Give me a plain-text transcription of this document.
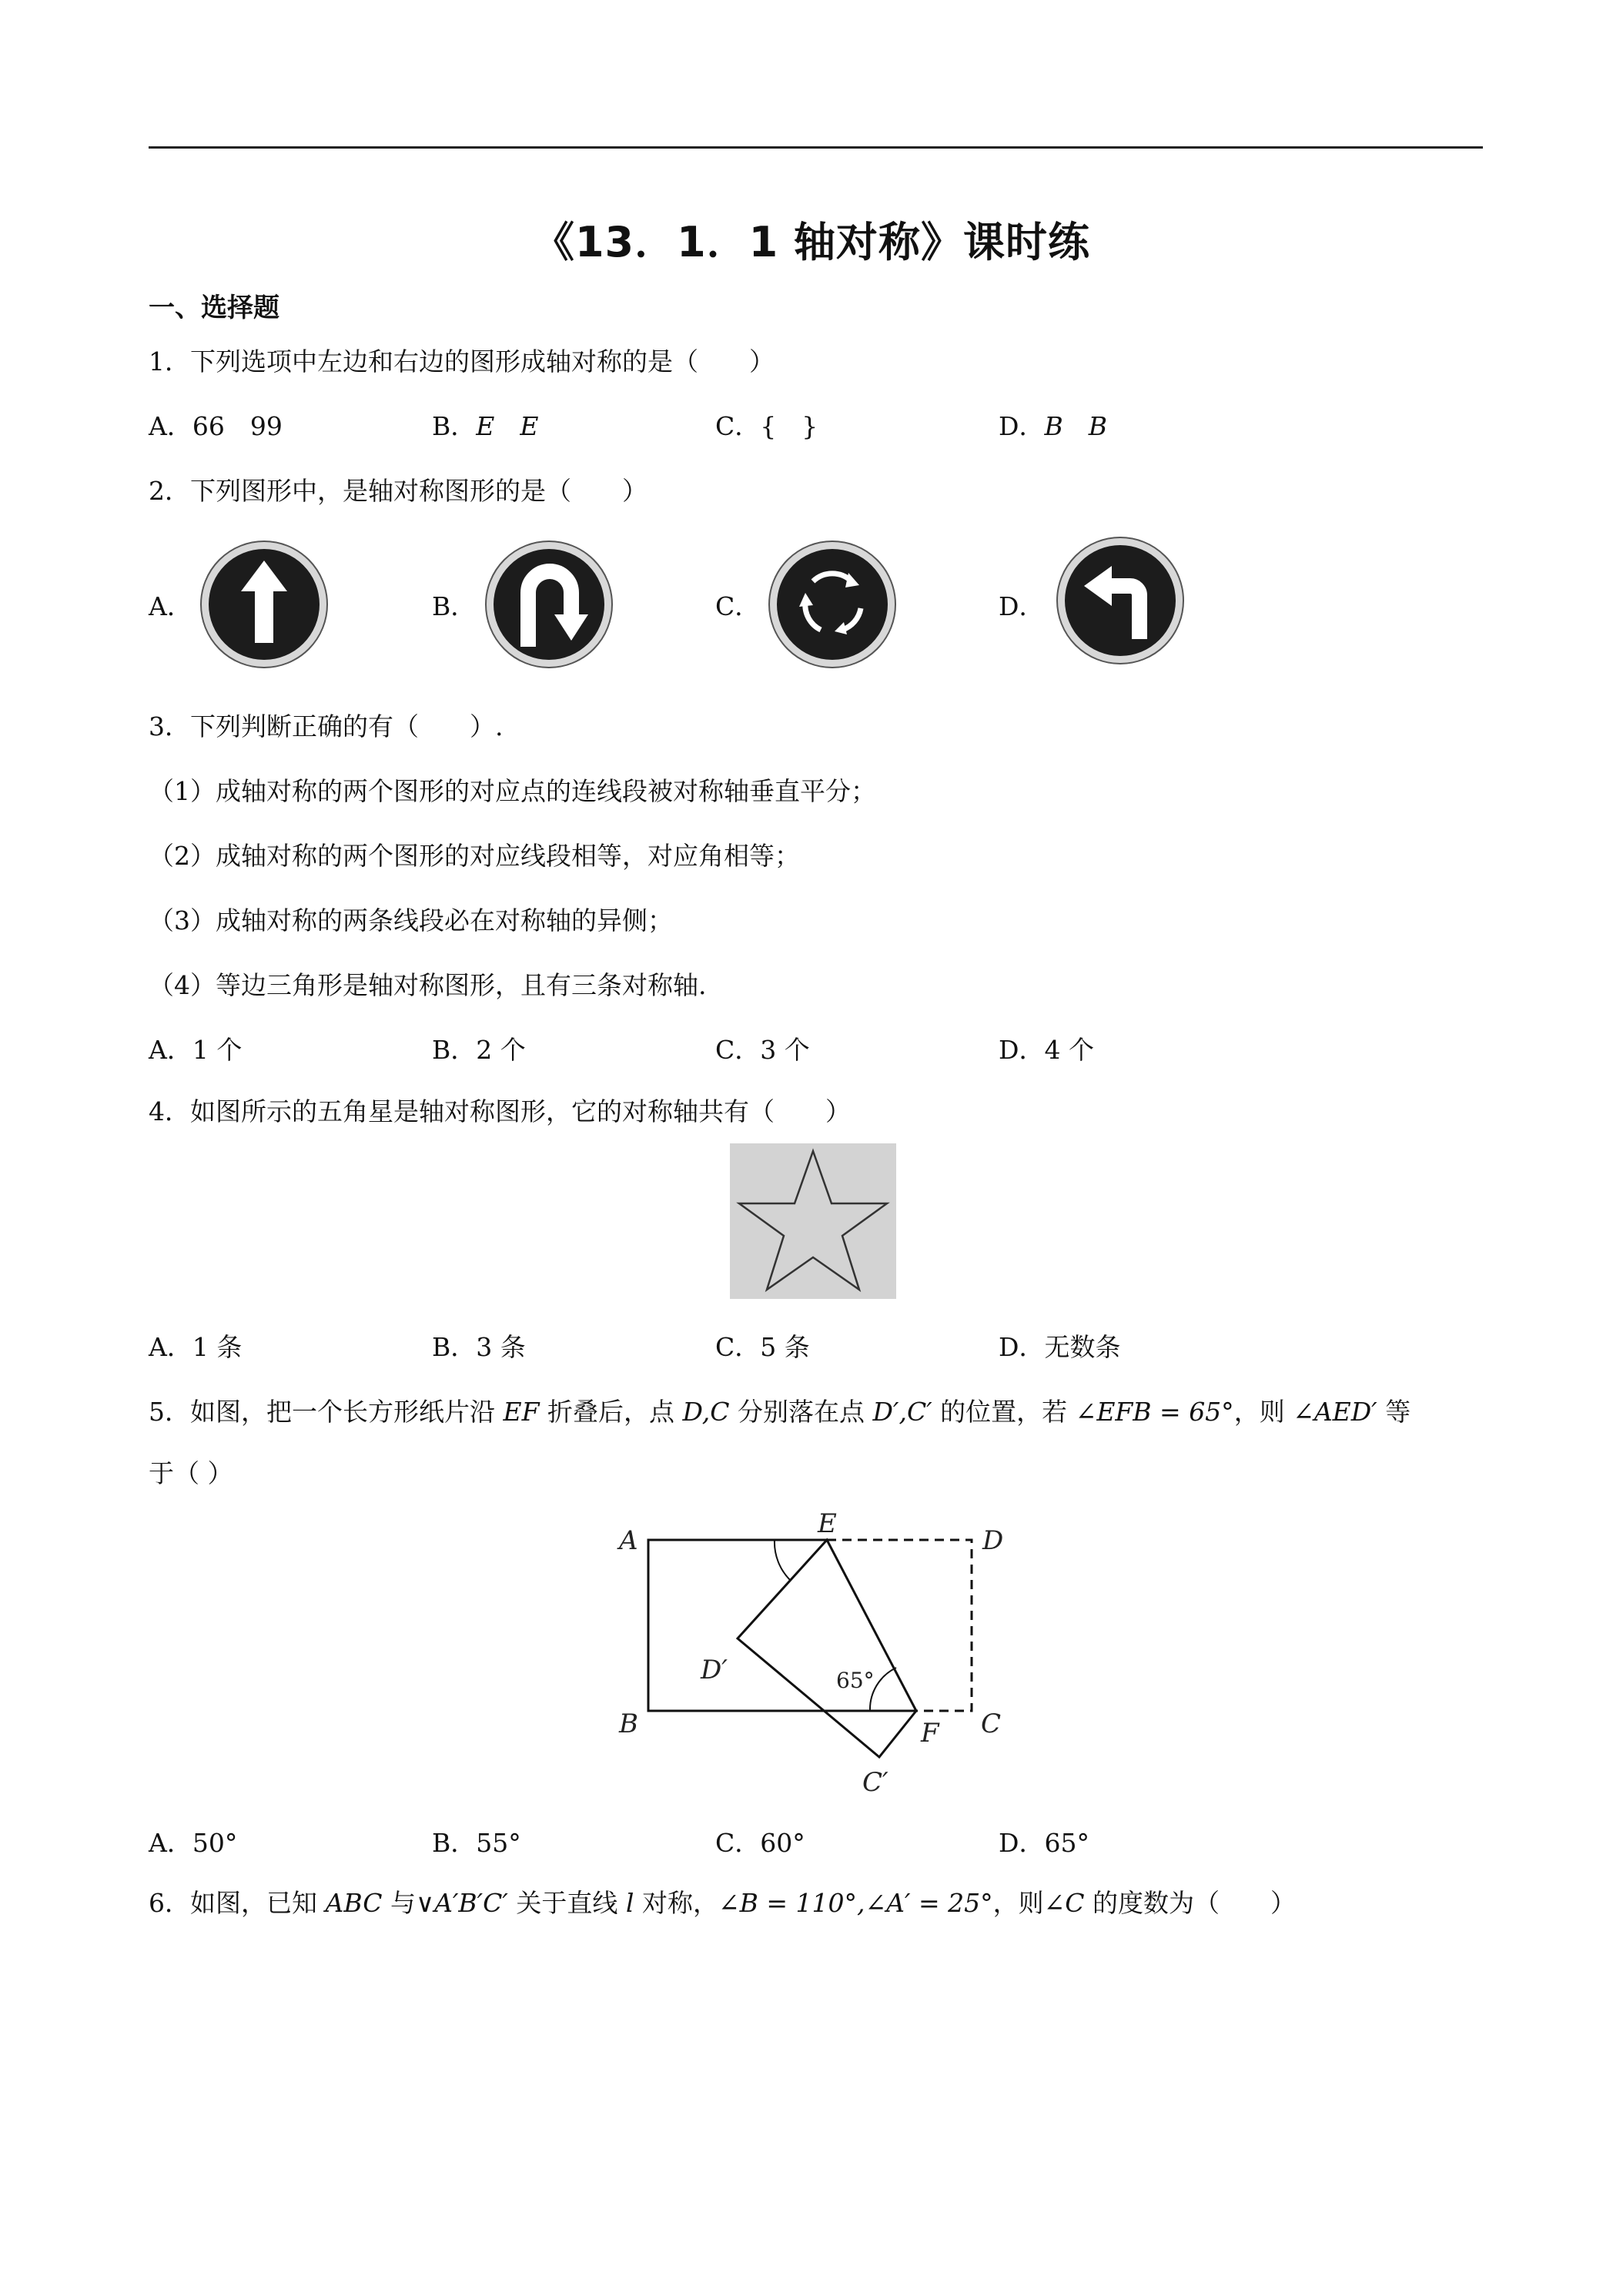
《13．1．1 轴对称》课时练
一、选择题
1．下列选项中左边和右边的图形成轴对称的是（　　）
A．66　99	B．E　E	C．{　}	D．B　B
2．下列图形中，是轴对称图形的是（　　）
A．	B．	C．	D．
3．下列判断正确的有（　　）.
（1）成轴对称的两个图形的对应点的连线段被对称轴垂直平分；
（2）成轴对称的两个图形的对应线段相等，对应角相等；
（3）成轴对称的两条线段必在对称轴的异侧；
（4）等边三角形是轴对称图形，且有三条对称轴.
A．1 个	B．2 个	C．3 个	D．4 个
4．如图所示的五角星是轴对称图形，它的对称轴共有（　　）
A．1 条	B．3 条	C．5 条	D．无数条
5．如图，把一个长方形纸片沿 EF 折叠后，点 D,C 分别落在点 D′,C′ 的位置，若 ∠EFB = 65°，则 ∠AED′ 等
于（ ）
A
B	C
D
E
F
D′
C′
65°
A．50°	B．55°	C．60°	D．65°
6．如图，已知 ABC 与∨A′B′C′ 关于直线 l 对称，∠B = 110°,∠A′ = 25°，则∠C 的度数为（　　）
